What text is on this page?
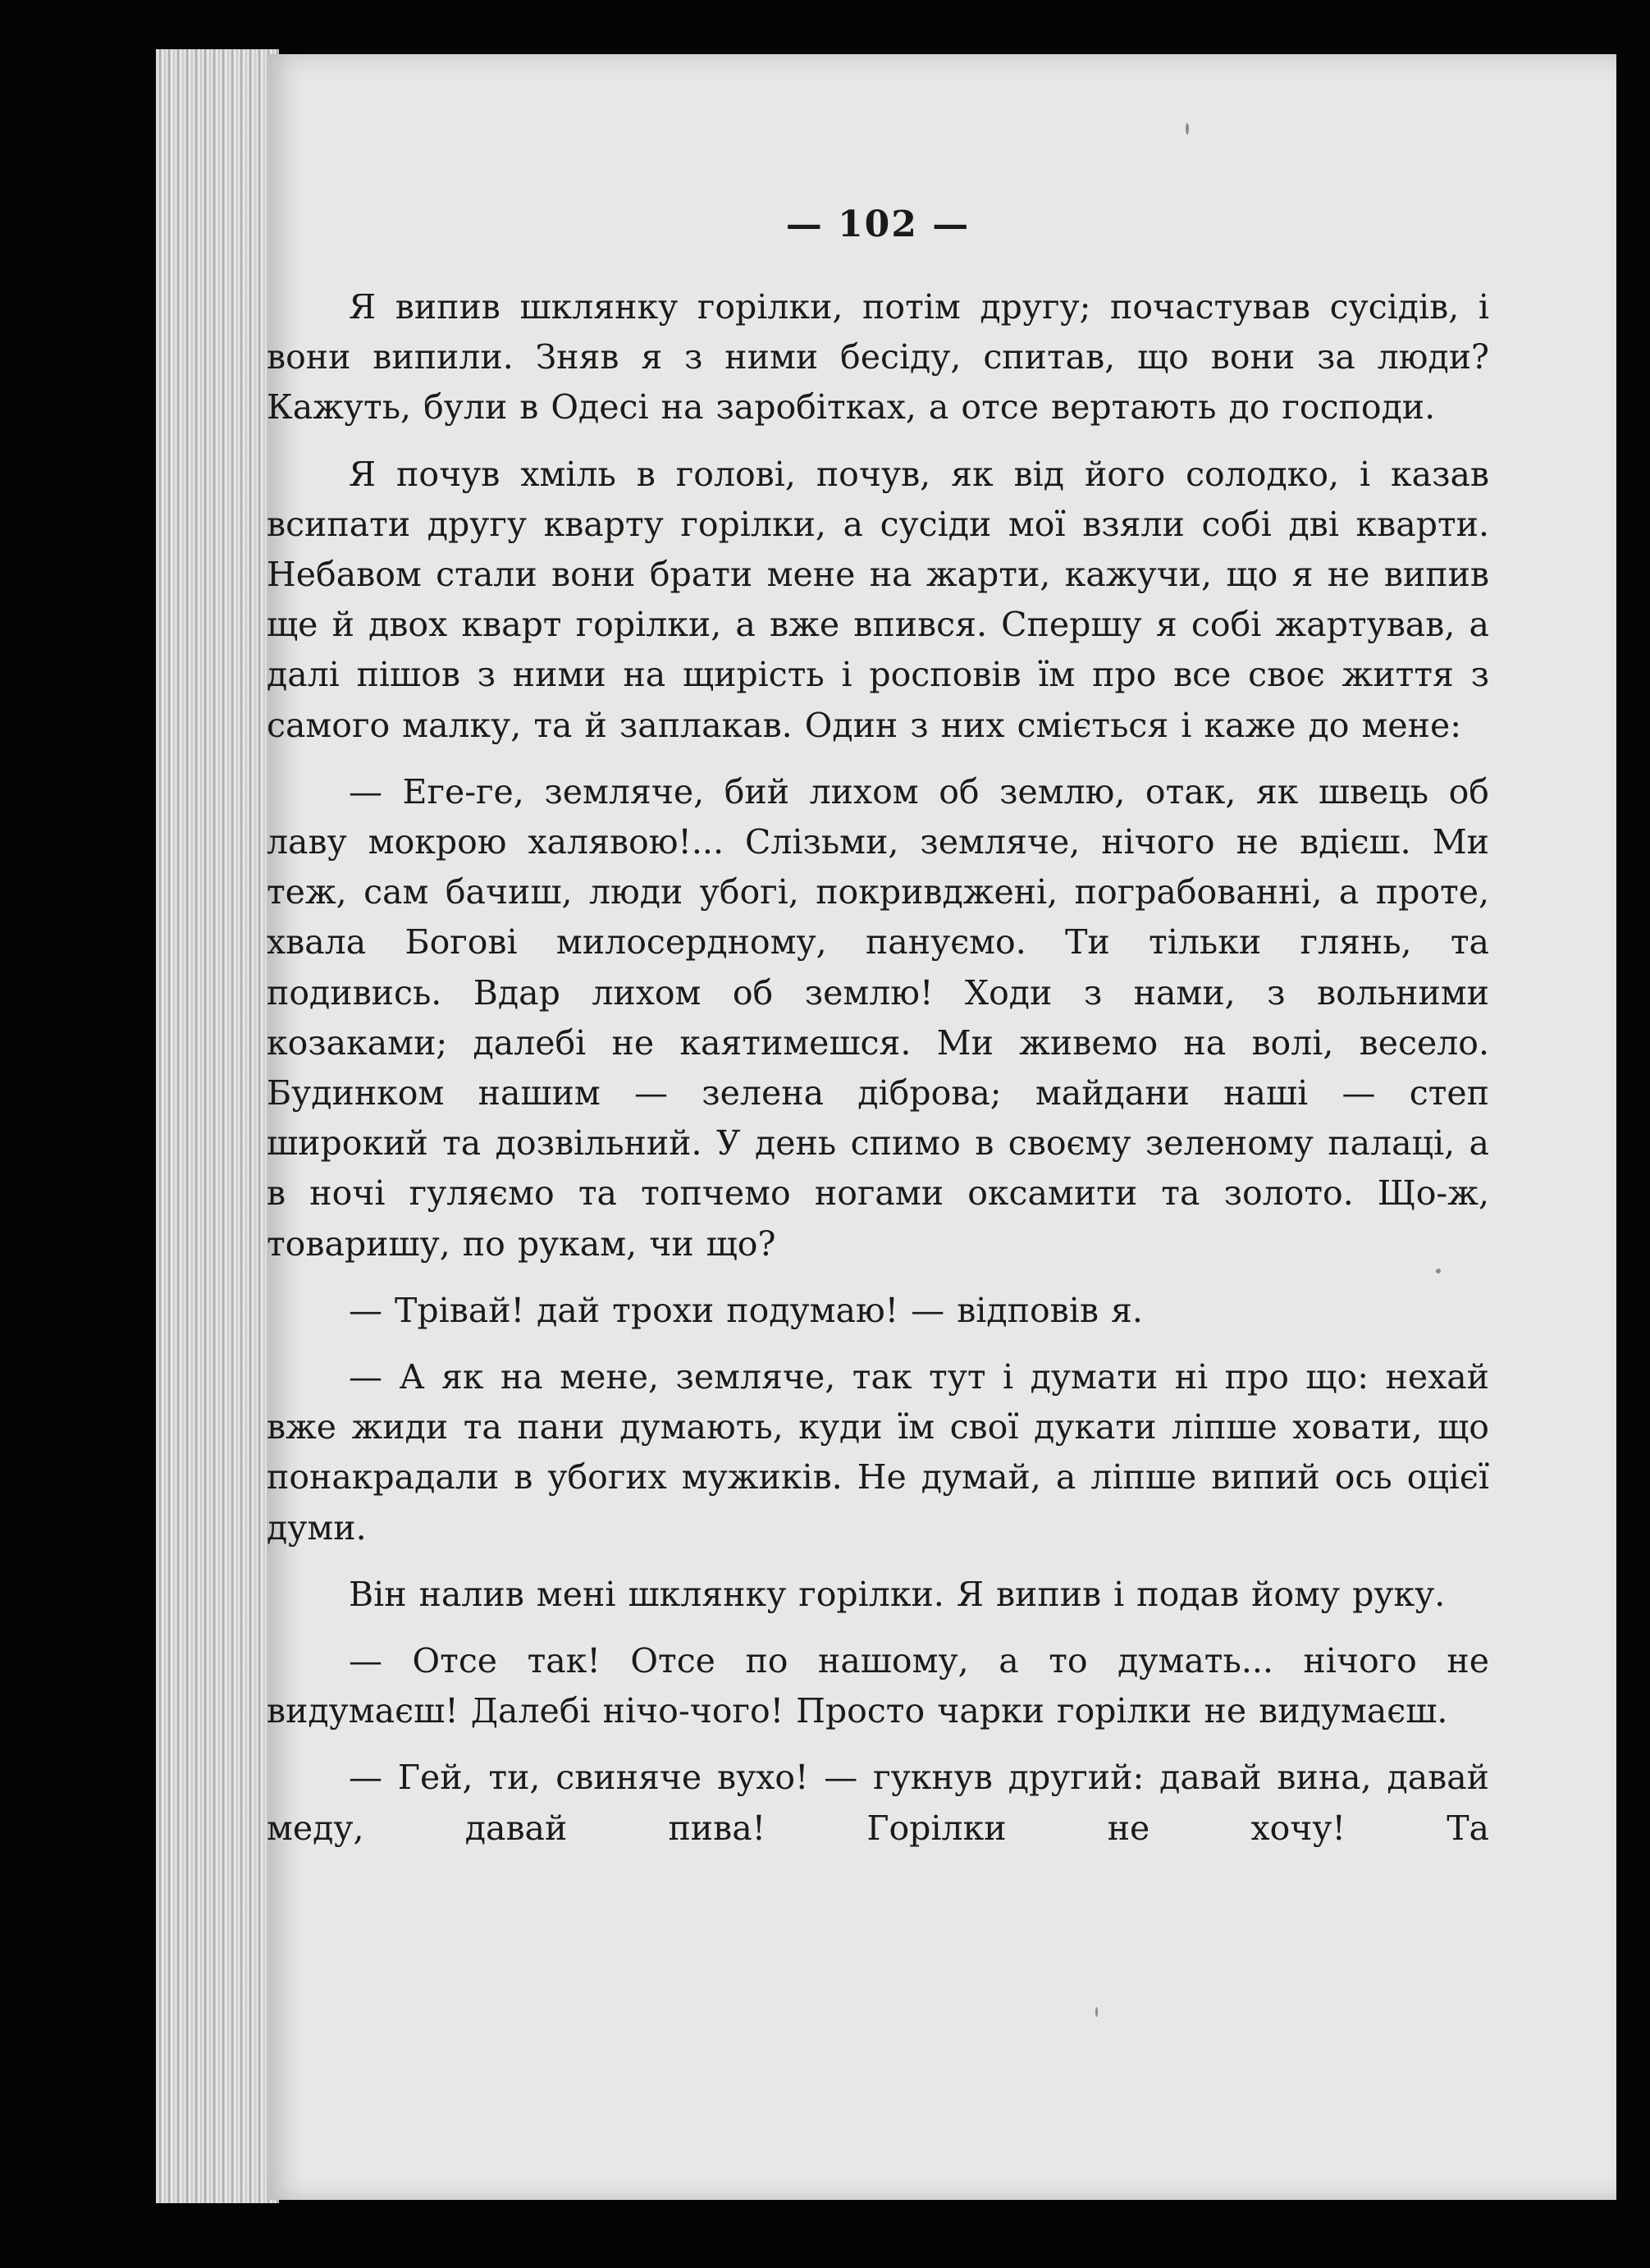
— 102 —

Я випив шклянку горілки, потім другу; почастував сусідів, і вони випили. Зняв я з ними бесіду, спитав, що вони за люди? Кажуть, були в Одесі на заробітках, а отсе вертають до господи.

Я почув хміль в голові, почув, як від його солодко, і казав всипати другу кварту горілки, а сусіди мої взяли собі дві кварти. Небавом стали вони брати мене на жарти, кажучи, що я не випив ще й двох кварт горілки, а вже впився. Спершу я собі жартував, а далі пішов з ними на щирість і росповів їм про все своє життя з самого малку, та й заплакав. Один з них сміється і каже до мене:

— Еге-ге, земляче, бий лихом об землю, отак, як швець об лаву мокрою халявою!... Слізьми, земляче, нічого не вдієш. Ми теж, сам бачиш, люди убогі, покривджені, пограбованні, а проте, хвала Богові милосердному, пануємо. Ти тільки глянь, та подивись. Вдар лихом об землю! Ходи з нами, з вольними козаками; далебі не каятимешся. Ми живемо на волі, весело. Будинком нашим — зелена діброва; майдани наші — степ широкий та дозвільний. У день спимо в своєму зеленому палаці, а в ночі гуляємо та топчемо ногами оксамити та золото. Що-ж, товаришу, по рукам, чи що?

— Трівай! дай трохи подумаю! — відповів я.

— А як на мене, земляче, так тут і думати ні про що: нехай вже жиди та пани думають, куди їм свої дукати лiпше ховати, що понакрадали в убогих мужиків. Не думай, а лiпше випий ось оцієї думи.

Він налив мені шклянку горілки. Я випив і подав йому руку.

— Отсе так! Отсе по нашому, а то думать... нічого не видумаєш! Далебі нічо-чого! Просто чарки горілки не видумаєш.

— Гей, ти, свиняче вухо! — гукнув другий: давай вина, давай меду, давай пива! Горілки не хочу! Та
